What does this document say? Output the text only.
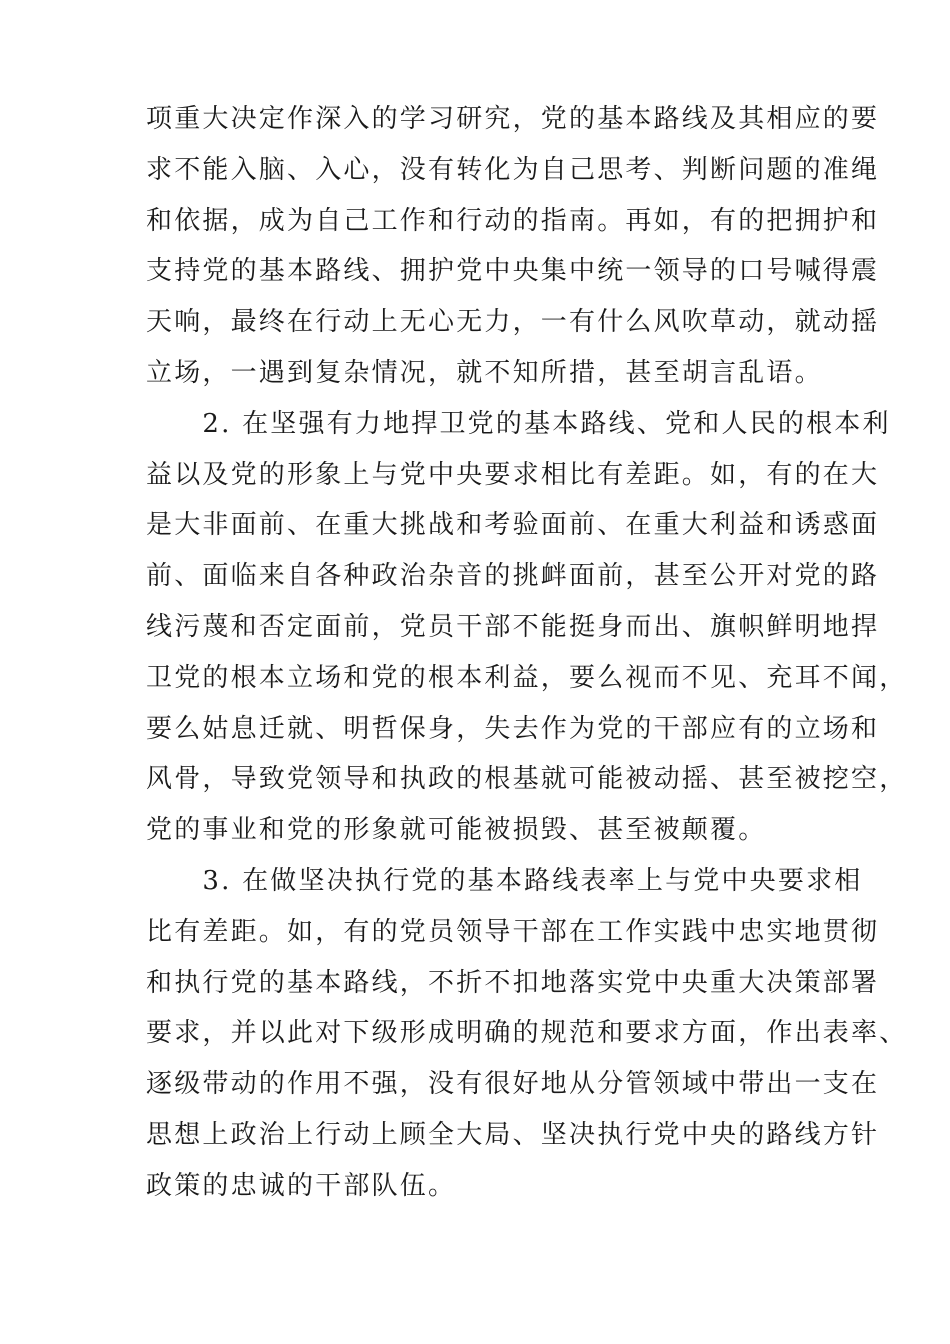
项重大决定作深入的学习研究，党的基本路线及其相应的要
求不能入脑、入心，没有转化为自己思考、判断问题的准绳
和依据，成为自己工作和行动的指南。再如，有的把拥护和
支持党的基本路线、拥护党中央集中统一领导的口号喊得震
天响，最终在行动上无心无力，一有什么风吹草动，就动摇
立场，一遇到复杂情况，就不知所措，甚至胡言乱语。
　　2. 在坚强有力地捍卫党的基本路线、党和人民的根本利
益以及党的形象上与党中央要求相比有差距。如，有的在大
是大非面前、在重大挑战和考验面前、在重大利益和诱惑面
前、面临来自各种政治杂音的挑衅面前，甚至公开对党的路
线污蔑和否定面前，党员干部不能挺身而出、旗帜鲜明地捍
卫党的根本立场和党的根本利益，要么视而不见、充耳不闻，
要么姑息迁就、明哲保身，失去作为党的干部应有的立场和
风骨，导致党领导和执政的根基就可能被动摇、甚至被挖空，
党的事业和党的形象就可能被损毁、甚至被颠覆。
　　3. 在做坚决执行党的基本路线表率上与党中央要求相
比有差距。如，有的党员领导干部在工作实践中忠实地贯彻
和执行党的基本路线，不折不扣地落实党中央重大决策部署
要求，并以此对下级形成明确的规范和要求方面，作出表率、
逐级带动的作用不强，没有很好地从分管领域中带出一支在
思想上政治上行动上顾全大局、坚决执行党中央的路线方针
政策的忠诚的干部队伍。
